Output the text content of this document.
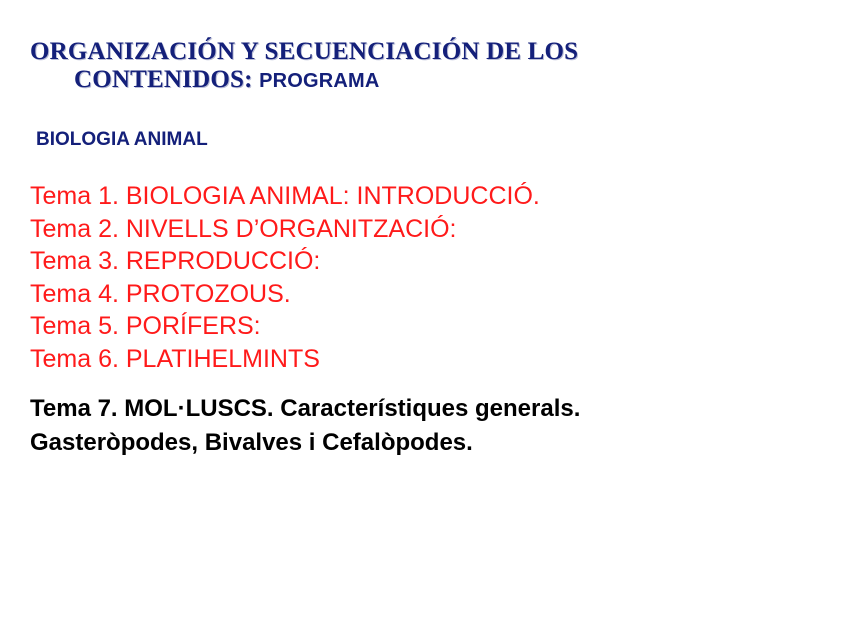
ORGANIZACIÓN Y SECUENCIACIÓN DE LOS
CONTENIDOS: PROGRAMA
BIOLOGIA ANIMAL
Tema 1. BIOLOGIA ANIMAL: INTRODUCCIÓ.
Tema 2. NIVELLS D’ORGANITZACIÓ:
Tema 3. REPRODUCCIÓ:
Tema 4. PROTOZOUS.
Tema 5. PORÍFERS:
Tema 6. PLATIHELMINTS
Tema 7. MOL·LUSCS. Característiques generals.
Gasteròpodes, Bivalves i Cefalòpodes.
